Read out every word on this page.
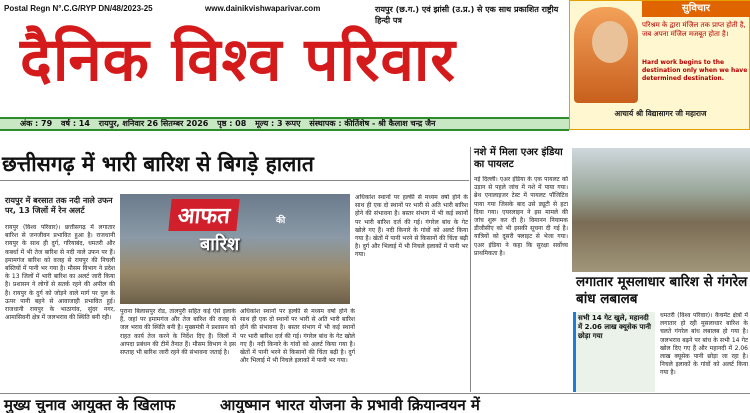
Postal Regn N°.C.G/RYP DN/48/2023-25	www.dainikvishwaparivar.com	रायपुर (छ.ग.) एवं झांसी (उ.प्र.) से एक साथ प्रकाशित राष्ट्रीय हिन्दी पत्र
दैनिक विश्व परिवार
सुविचार
परिश्रम के द्वारा मंजिल तक प्राप्त होती है, जब अपना मंजिल मजबूत होता है।
Hard work begins to the destination only when we have determined destination.
आचार्य श्री विद्यासागर जी महाराज
अंक : 79 वर्ष : 14 रायपुर, शनिवार 26 सितम्बर 2026 पृष्ठ : 08 मूल्य : 3 रूपए संस्थापक : कीर्तिशेष - श्री कैलाश चन्द्र जैन
छत्तीसगढ़ में भारी बारिश से बिगड़े हालात
रायपुर में बरसात तक नदी नाले उफन पर, 13 जिलों में रेन अलर्ट
रायपुर (विश्व परिवार)। छत्तीसगढ़ में लगातार बारिश से जनजीवन प्रभावित हुआ है। राजधानी रायपुर के साथ ही दुर्ग, गरियाबंद, धमतरी और कबर्धा में भी तेज बारिश से नदी नाले उफन पर हैं। इमामगंज बारिश को वजह से रायपुर की निचली बस्तियों में पानी भर गया है। मौसम विभाग ने प्रदेश के 13 जिलों में भारी बारिश का अलर्ट जारी किया है। प्रशासन ने लोगों से सतर्क रहने की अपील की है। रायपुर के दुर्ग को जोड़ने वाले मार्ग पर पुल के ऊपर पानी बहने से आवाजाही प्रभावित हुई। राजधानी रायपुर के भाठागांव, सुंदर नगर, आमासिवनी क्षेत्र में जलभराव की स्थिति बनी रही।
आफत	की
बारिश
पुराना बिलासपुर रोड, तालपुरी सहित कई ऐसे इलाके हैं, जहां पर इमामगंज और तेज बारिश की वजह से जल भराव की स्थिति बनी है। मुख्यमंत्री ने प्रशासन को राहत कार्य तेज करने के निर्देश दिए हैं। जिलों में आपदा प्रबंधन की टीमें तैनात हैं। मौसम विभाग ने इस सप्ताह भी बारिश जारी रहने की संभावना जताई है।
अधिकांश स्थानों पर हल्की से मध्यम वर्षा होने के साथ ही एक दो स्थानों पर भारी से अति भारी बारिश होने की संभावना है। बस्तर संभाग में भी कई स्थानों पर भारी बारिश दर्ज की गई। गंगरेल बांध के गेट खोले गए हैं। नदी किनारे के गांवों को अलर्ट किया गया है। खेतों में पानी भरने से किसानों की चिंता बढ़ी है। दुर्ग और भिलाई में भी निचले इलाकों में पानी भर गया।
अधिकांश स्थानों पर हल्की से मध्यम वर्षा होने के साथ ही एक दो स्थानों पर भारी से अति भारी बारिश होने की संभावना है। बस्तर संभाग में भी कई स्थानों पर भारी बारिश दर्ज की गई। गंगरेल बांध के गेट खोले गए हैं। नदी किनारे के गांवों को अलर्ट किया गया है। खेतों में पानी भरने से किसानों की चिंता बढ़ी है। दुर्ग और भिलाई में भी निचले इलाकों में पानी भर गया।
नशे में मिला एअर इंडिया का पायलट
नई दिल्ली। एअर इंडिया के एक पायलट को उड़ान से पहले जांच में नशे में पाया गया। ब्रेथ एनालाइजर टेस्ट में पायलट पॉजिटिव पाया गया जिसके बाद उसे ड्यूटी से हटा दिया गया। एयरलाइन ने इस मामले की जांच शुरू कर दी है। विमानन नियामक डीजीसीए को भी इसकी सूचना दी गई है। यात्रियों को दूसरी फ्लाइट से भेजा गया। एअर इंडिया ने कहा कि सुरक्षा सर्वोच्च प्राथमिकता है।
लगातार मूसलाधार बारिश से गंगरेल बांध लबालब
सभी 14 गेट खुले, महानदी में 2.06 लाख क्यूसेक पानी छोड़ा गया
धमतरी (विश्व परिवार)। कैचमेंट क्षेत्रों में लगातार हो रही मूसलाधार बारिश के चलते गंगरेल बांध लबालब हो गया है। जलभराव बढ़ने पर बांध के सभी 14 गेट खोल दिए गए हैं और महानदी में 2.06 लाख क्यूसेक पानी छोड़ा जा रहा है। निचले इलाकों के गांवों को अलर्ट किया गया है।
मुख्य चुनाव आयुक्त के खिलाफ	आयुष्मान भारत योजना के प्रभावी क्रियान्वयन में
